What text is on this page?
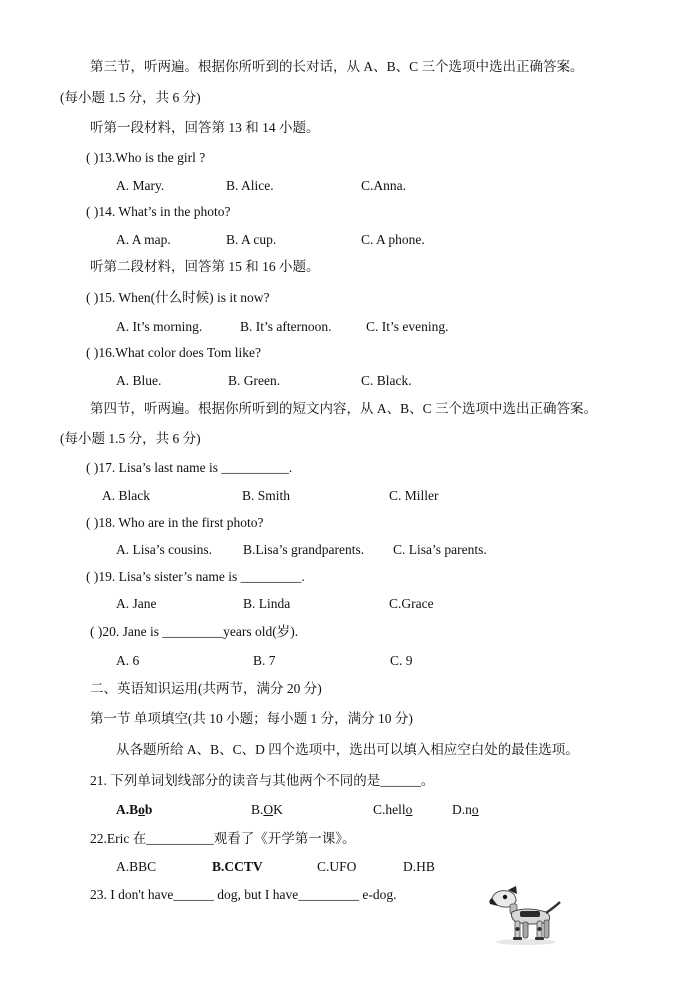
第三节，听两遍。根据你所听到的长对话，从 A、B、C 三个选项中选出正确答案。
(每小题 1.5 分，共 6 分)
听第一段材料，回答第 13 和 14 小题。
( )13.Who is the girl ?
A. Mary.	B. Alice.	C.Anna.
( )14. What’s in the photo?
A. A map.	B. A cup.	C. A phone.
听第二段材料，回答第 15 和 16 小题。
( )15. When(什么时候) is it now?
A. It’s morning.	B. It’s afternoon.	C. It’s evening.
( )16.What color does Tom like?
A. Blue.	B. Green.	C. Black.
第四节，听两遍。根据你所听到的短文内容，从 A、B、C 三个选项中选出正确答案。
(每小题 1.5 分，共 6 分)
( )17. Lisa’s last name is __________.
A. Black	B. Smith	C. Miller
( )18. Who are in the first photo?
A. Lisa’s cousins. B.Lisa’s grandparents. C. Lisa’s parents.
( )19. Lisa’s sister’s name is _________.
A. Jane	B. Linda	C.Grace
( )20. Jane is _________years old(岁).
A. 6	B. 7	C. 9
二、英语知识运用(共两节，满分 20 分)
第一节 单项填空(共 10 小题；每小题 1 分，满分 10 分)
从各题所给 A、B、C、D 四个选项中，选出可以填入相应空白处的最佳选项。
21. 下列单词划线部分的读音与其他两个不同的是______。
A.Bob	B.OK	C.hello	D.no
22.Eric 在__________观看了《开学第一课》。
A.BBC	B.CCTV	C.UFO	D.HB
23. I don't have______ dog, but I have_________ e-dog.
